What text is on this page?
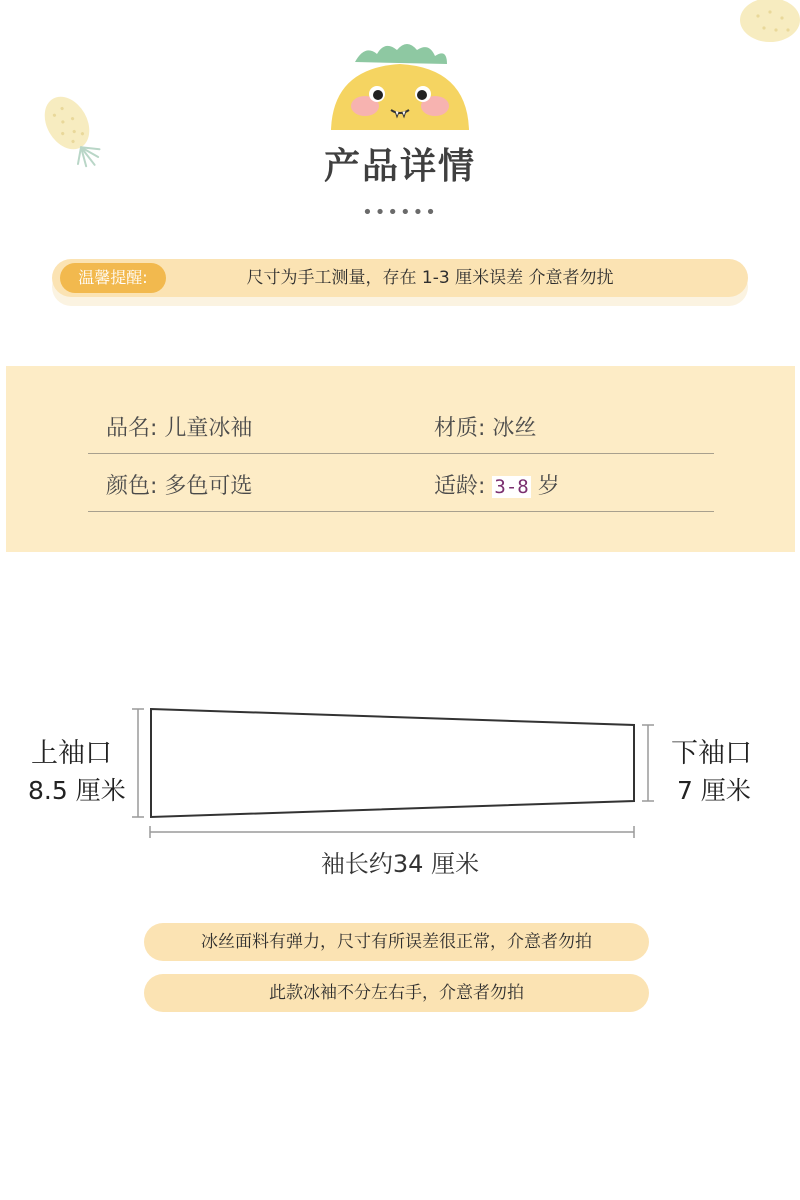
产品详情
••••••
温馨提醒:	尺寸为手工测量，存在 1-3 厘米误差 介意者勿扰
品名: 儿童冰袖	材质: 冰丝
颜色: 多色可选	适龄: 3-8 岁
上袖口
8.5 厘米
下袖口
7 厘米
袖长约34 厘米
冰丝面料有弹力，尺寸有所误差很正常，介意者勿拍
此款冰袖不分左右手，介意者勿拍
